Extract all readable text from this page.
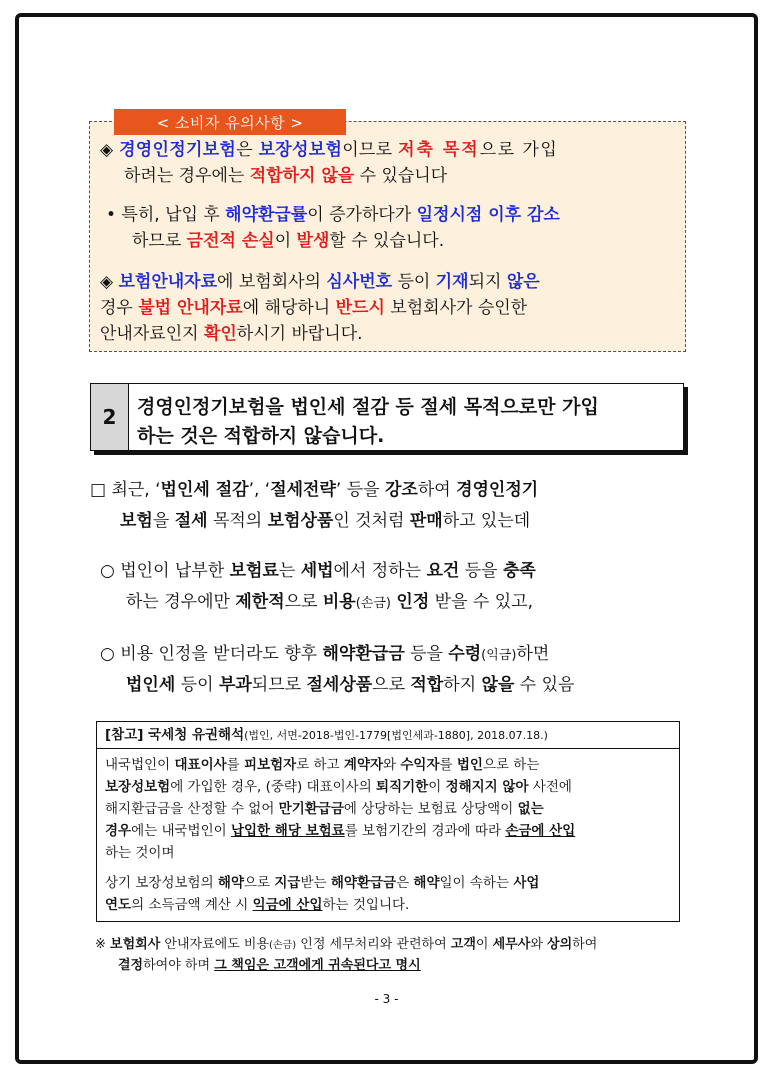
◈ 경영인정기보험은 보장성보험이므로 저축 목적으로 가입
하려는 경우에는 적합하지 않을 수 있습니다
• 특히, 납입 후 해약환급률이 증가하다가 일정시점 이후 감소
하므로 금전적 손실이 발생할 수 있습니다.
◈ 보험안내자료에 보험회사의 심사번호 등이 기재되지 않은
경우 불법 안내자료에 해당하니 반드시 보험회사가 승인한
안내자료인지 확인하시기 바랍니다.
< 소비자 유의사항 >
2	경영인정기보험을 법인세 절감 등 절세 목적으로만 가입
하는 것은 적합하지 않습니다.
□ 최근, ‘법인세 절감’, ‘절세전략’ 등을 강조하여 경영인정기
보험을 절세 목적의 보험상품인 것처럼 판매하고 있는데
○ 법인이 납부한 보험료는 세법에서 정하는 요건 등을 충족
하는 경우에만 제한적으로 비용(손금) 인정 받을 수 있고,
○ 비용 인정을 받더라도 향후 해약환급금 등을 수령(익금)하면
법인세 등이 부과되므로 절세상품으로 적합하지 않을 수 있음
[참고] 국세청 유권해석(법인, 서면-2018-법인-1779[법인세과-1880], 2018.07.18.)
내국법인이 대표이사를 피보험자로 하고 계약자와 수익자를 법인으로 하는
보장성보험에 가입한 경우, (중략) 대표이사의 퇴직기한이 정해지지 않아 사전에
해지환급금을 산정할 수 없어 만기환급금에 상당하는 보험료 상당액이 없는
경우에는 내국법인이 납입한 해당 보험료를 보험기간의 경과에 따라 손금에 산입
하는 것이며
상기 보장성보험의 해약으로 지급받는 해약환급금은 해약일이 속하는 사업
연도의 소득금액 계산 시 익금에 산입하는 것입니다.
※ 보험회사 안내자료에도 비용(손금) 인정 세무처리와 관련하여 고객이 세무사와 상의하여
결정하여야 하며 그 책임은 고객에게 귀속된다고 명시
- 3 -
